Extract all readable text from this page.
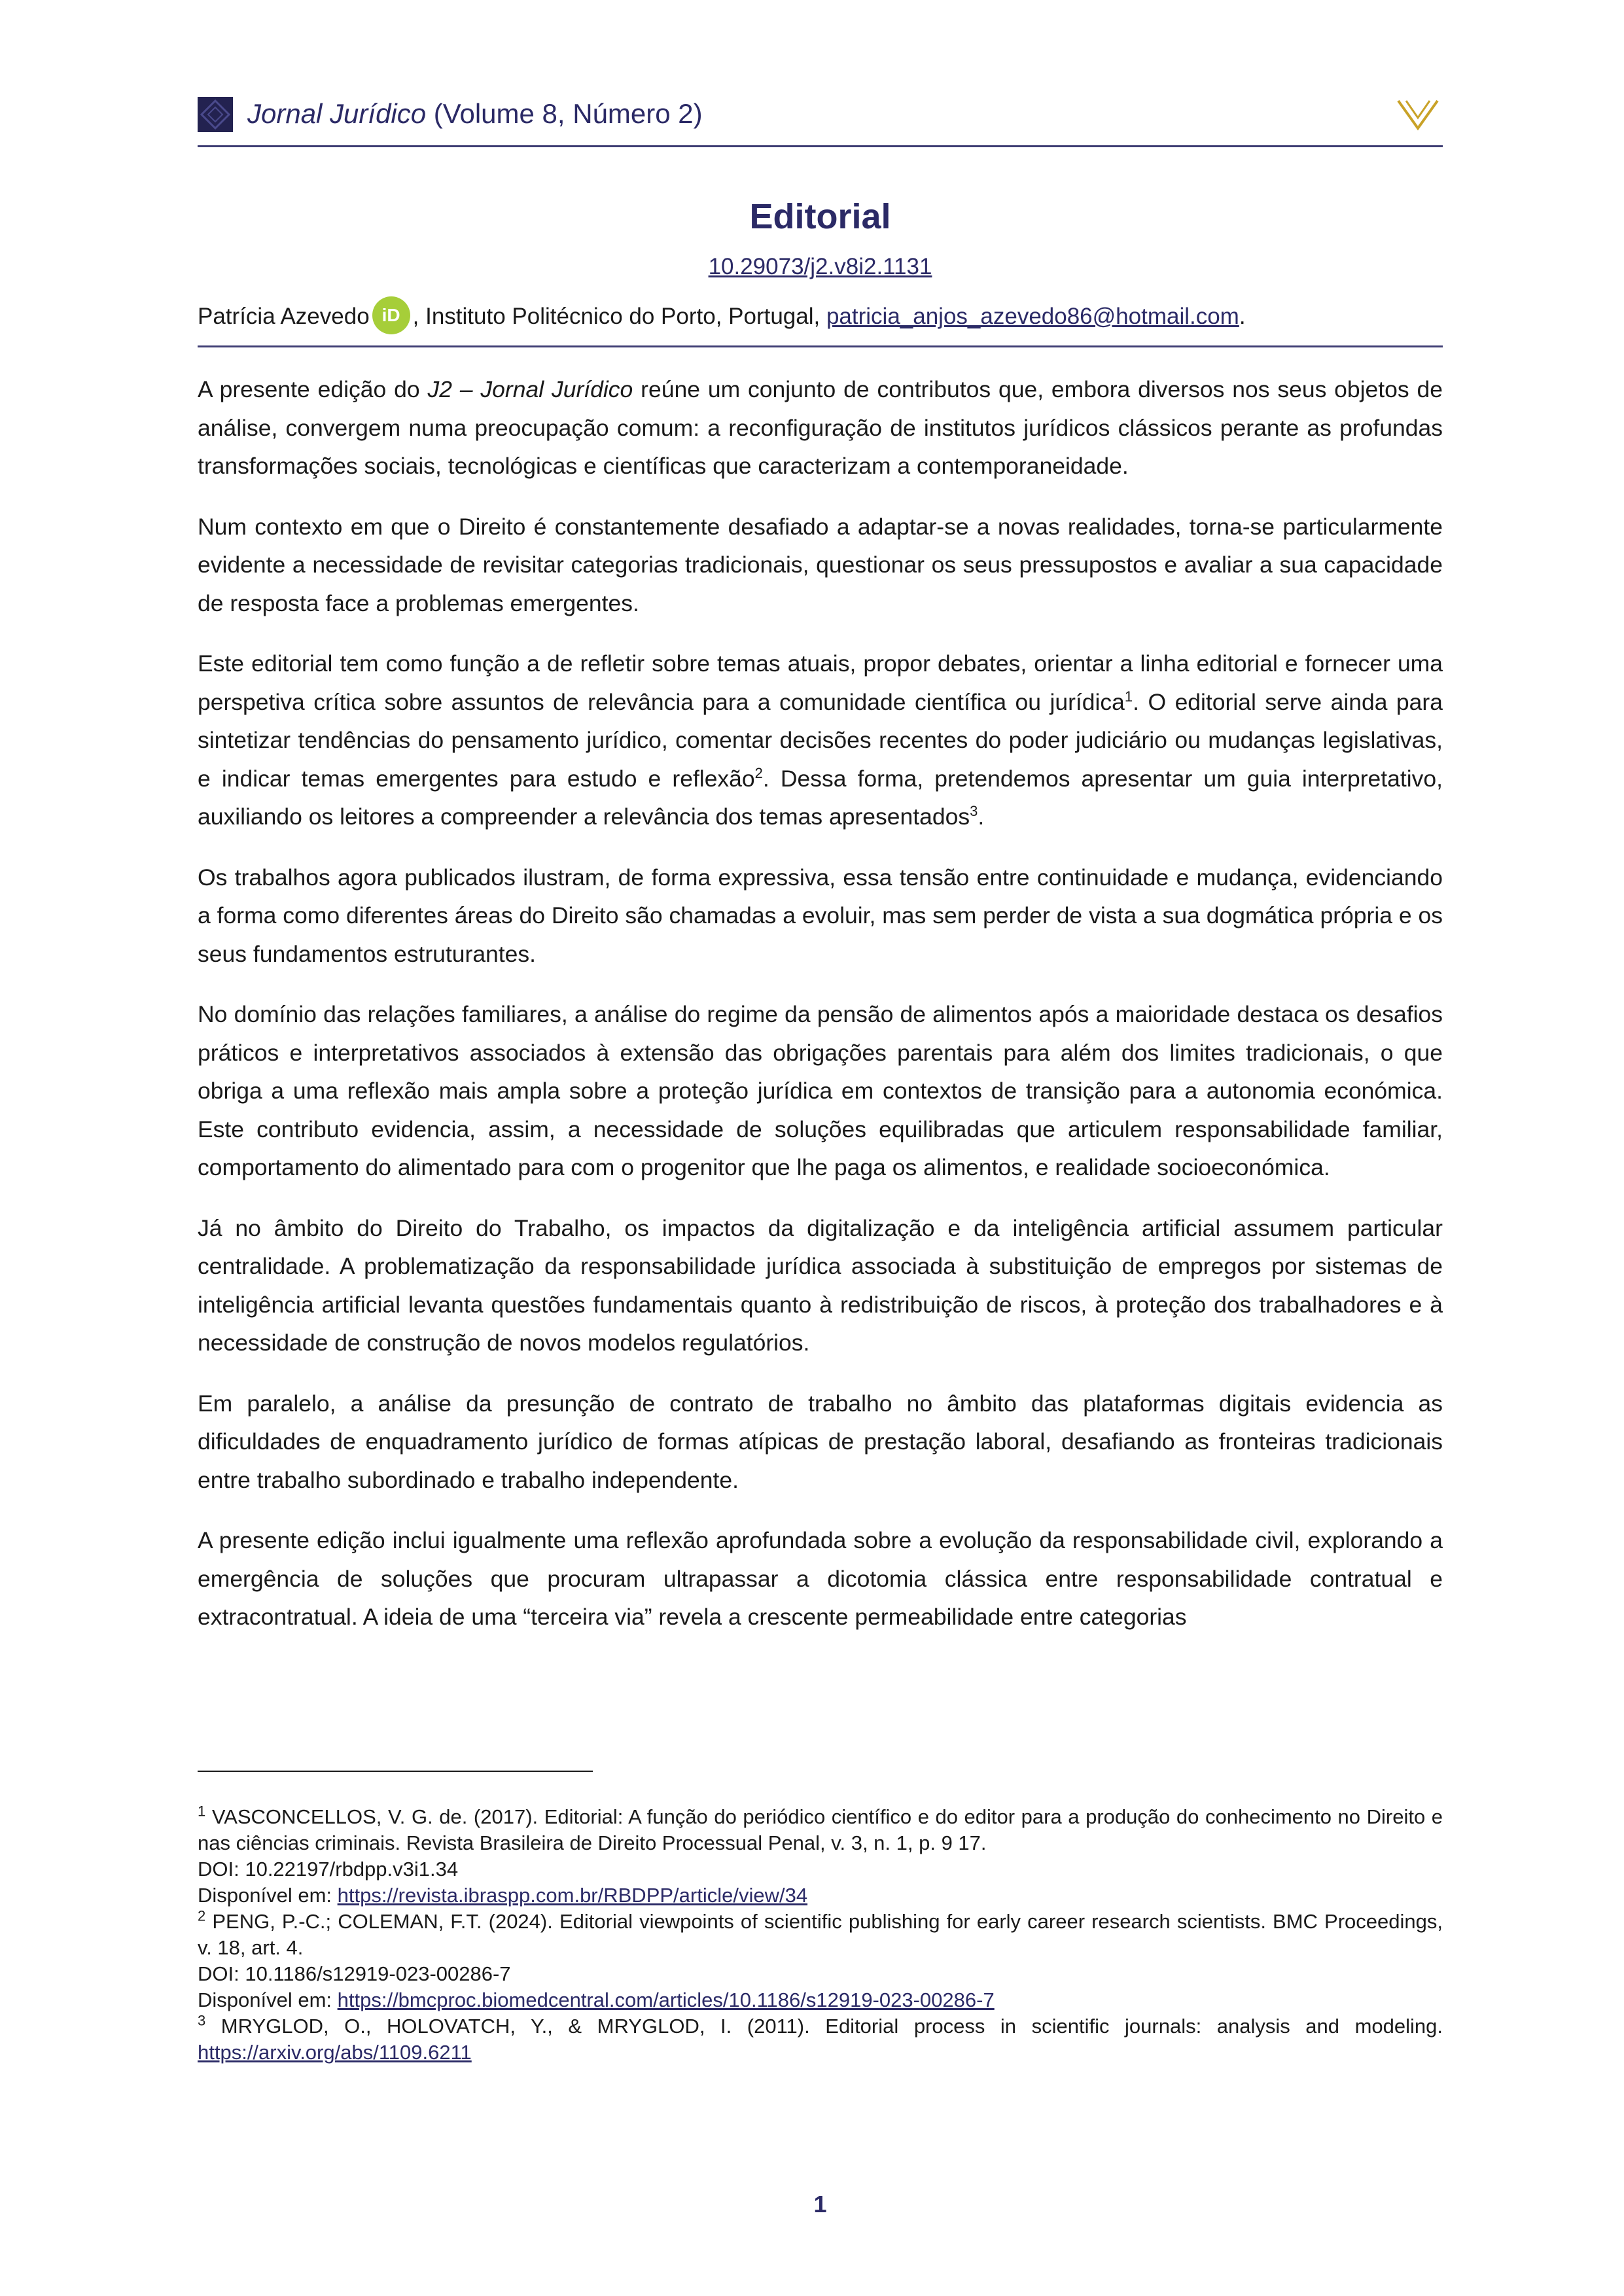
Jornal Jurídico (Volume 8, Número 2)
Editorial
10.29073/j2.v8i2.1131
Patrícia Azevedo iD , Instituto Politécnico do Porto, Portugal, patricia_anjos_azevedo86@hotmail.com.

A presente edição do J2 – Jornal Jurídico reúne um conjunto de contributos que, embora diversos nos seus objetos de análise, convergem numa preocupação comum: a reconfiguração de institutos jurídicos clássicos perante as profundas transformações sociais, tecnológicas e científicas que caracterizam a contemporaneidade.

Num contexto em que o Direito é constantemente desafiado a adaptar-se a novas realidades, torna-se particularmente evidente a necessidade de revisitar categorias tradicionais, questionar os seus pressupostos e avaliar a sua capacidade de resposta face a problemas emergentes.

Este editorial tem como função a de refletir sobre temas atuais, propor debates, orientar a linha editorial e fornecer uma perspetiva crítica sobre assuntos de relevância para a comunidade científica ou jurídica$^1$. O editorial serve ainda para sintetizar tendências do pensamento jurídico, comentar decisões recentes do poder judiciário ou mudanças legislativas, e indicar temas emergentes para estudo e reflexão$^2$. Dessa forma, pretendemos apresentar um guia interpretativo, auxiliando os leitores a compreender a relevância dos temas apresentados$^3$.

Os trabalhos agora publicados ilustram, de forma expressiva, essa tensão entre continuidade e mudança, evidenciando a forma como diferentes áreas do Direito são chamadas a evoluir, mas sem perder de vista a sua dogmática própria e os seus fundamentos estruturantes.

No domínio das relações familiares, a análise do regime da pensão de alimentos após a maioridade destaca os desafios práticos e interpretativos associados à extensão das obrigações parentais para além dos limites tradicionais, o que obriga a uma reflexão mais ampla sobre a proteção jurídica em contextos de transição para a autonomia económica. Este contributo evidencia, assim, a necessidade de soluções equilibradas que articulem responsabilidade familiar, comportamento do alimentado para com o progenitor que lhe paga os alimentos, e realidade socioeconómica.

Já no âmbito do Direito do Trabalho, os impactos da digitalização e da inteligência artificial assumem particular centralidade. A problematização da responsabilidade jurídica associada à substituição de empregos por sistemas de inteligência artificial levanta questões fundamentais quanto à redistribuição de riscos, à proteção dos trabalhadores e à necessidade de construção de novos modelos regulatórios.

Em paralelo, a análise da presunção de contrato de trabalho no âmbito das plataformas digitais evidencia as dificuldades de enquadramento jurídico de formas atípicas de prestação laboral, desafiando as fronteiras tradicionais entre trabalho subordinado e trabalho independente.

A presente edição inclui igualmente uma reflexão aprofundada sobre a evolução da responsabilidade civil, explorando a emergência de soluções que procuram ultrapassar a dicotomia clássica entre responsabilidade contratual e extracontratual. A ideia de uma “terceira via” revela a crescente permeabilidade entre categorias

$^1$ VASCONCELLOS, V. G. de. (2017). Editorial: A função do periódico científico e do editor para a produção do conhecimento no Direito e nas ciências criminais. Revista Brasileira de Direito Processual Penal, v. 3, n. 1, p. 9 17.

DOI: 10.22197/rbdpp.v3i1.34

Disponível em: https://revista.ibraspp.com.br/RBDPP/article/view/34

$^2$ PENG, P.-C.; COLEMAN, F.T. (2024). Editorial viewpoints of scientific publishing for early career research scientists. BMC Proceedings, v. 18, art. 4.

DOI: 10.1186/s12919-023-00286-7

Disponível em: https://bmcproc.biomedcentral.com/articles/10.1186/s12919-023-00286-7

$^3$ MRYGLOD, O., HOLOVATCH, Y., & MRYGLOD, I. (2011). Editorial process in scientific journals: analysis and modeling. https://arxiv.org/abs/1109.6211

1
